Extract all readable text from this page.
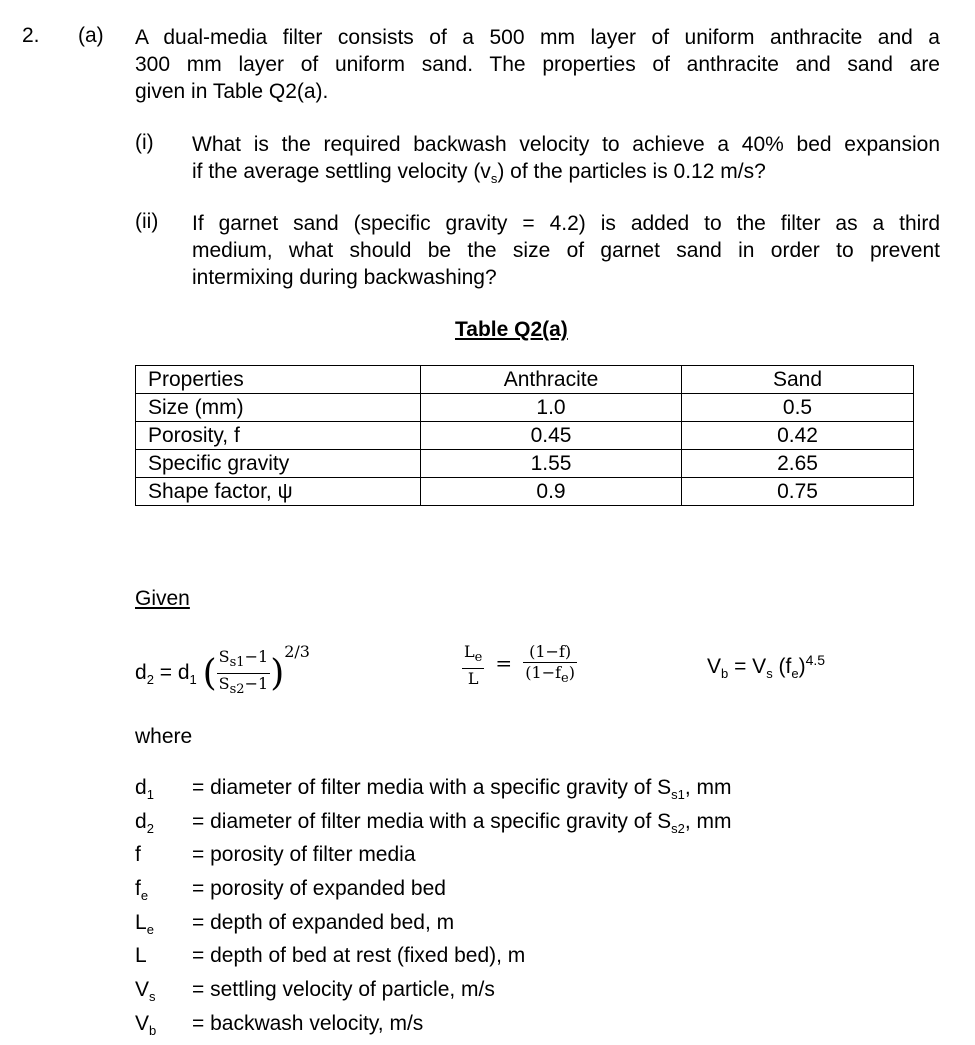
2. (a) A dual-media filter consists of a 500 mm layer of uniform anthracite and a
300 mm layer of uniform sand. The properties of anthracite and sand are
given in Table Q2(a).
(i) What is the required backwash velocity to achieve a 40% bed expansion
if the average settling velocity $(v_s)$ of the particles is 0.12 m/s?
(ii) If garnet sand (specific gravity = 4.2) is added to the filter as a third
medium, what should be the size of garnet sand in order to prevent
intermixing during backwashing?
Table Q2(a)
Properties	Anthracite	Sand
Size (mm)	1.0	0.5
Porosity, f	0.45	0.42
Specific gravity	1.55	2.65
Shape factor, ψ	0.9	0.75
Given
$d_2 = d_1$ ( $\frac{S_{s1}-1}{S_{s2}-1} )^{2/3}$	$\frac{L_e}{L} = \frac{(1-f)}{(1-f_e)}$	$V_b = V_s$ $(f_e)^{4.5}$
where
$d_1$	= diameter of filter media with a specific gravity of $S_{s1}$, mm
$d_2$	= diameter of filter media with a specific gravity of $S_{s2}$, mm
f	= porosity of filter media
$f_e$	= porosity of expanded bed
$L_e$	= depth of expanded bed, m
L	= depth of bed at rest (fixed bed), m
$V_s$	= settling velocity of particle, m/s
$V_b$	= backwash velocity, m/s
